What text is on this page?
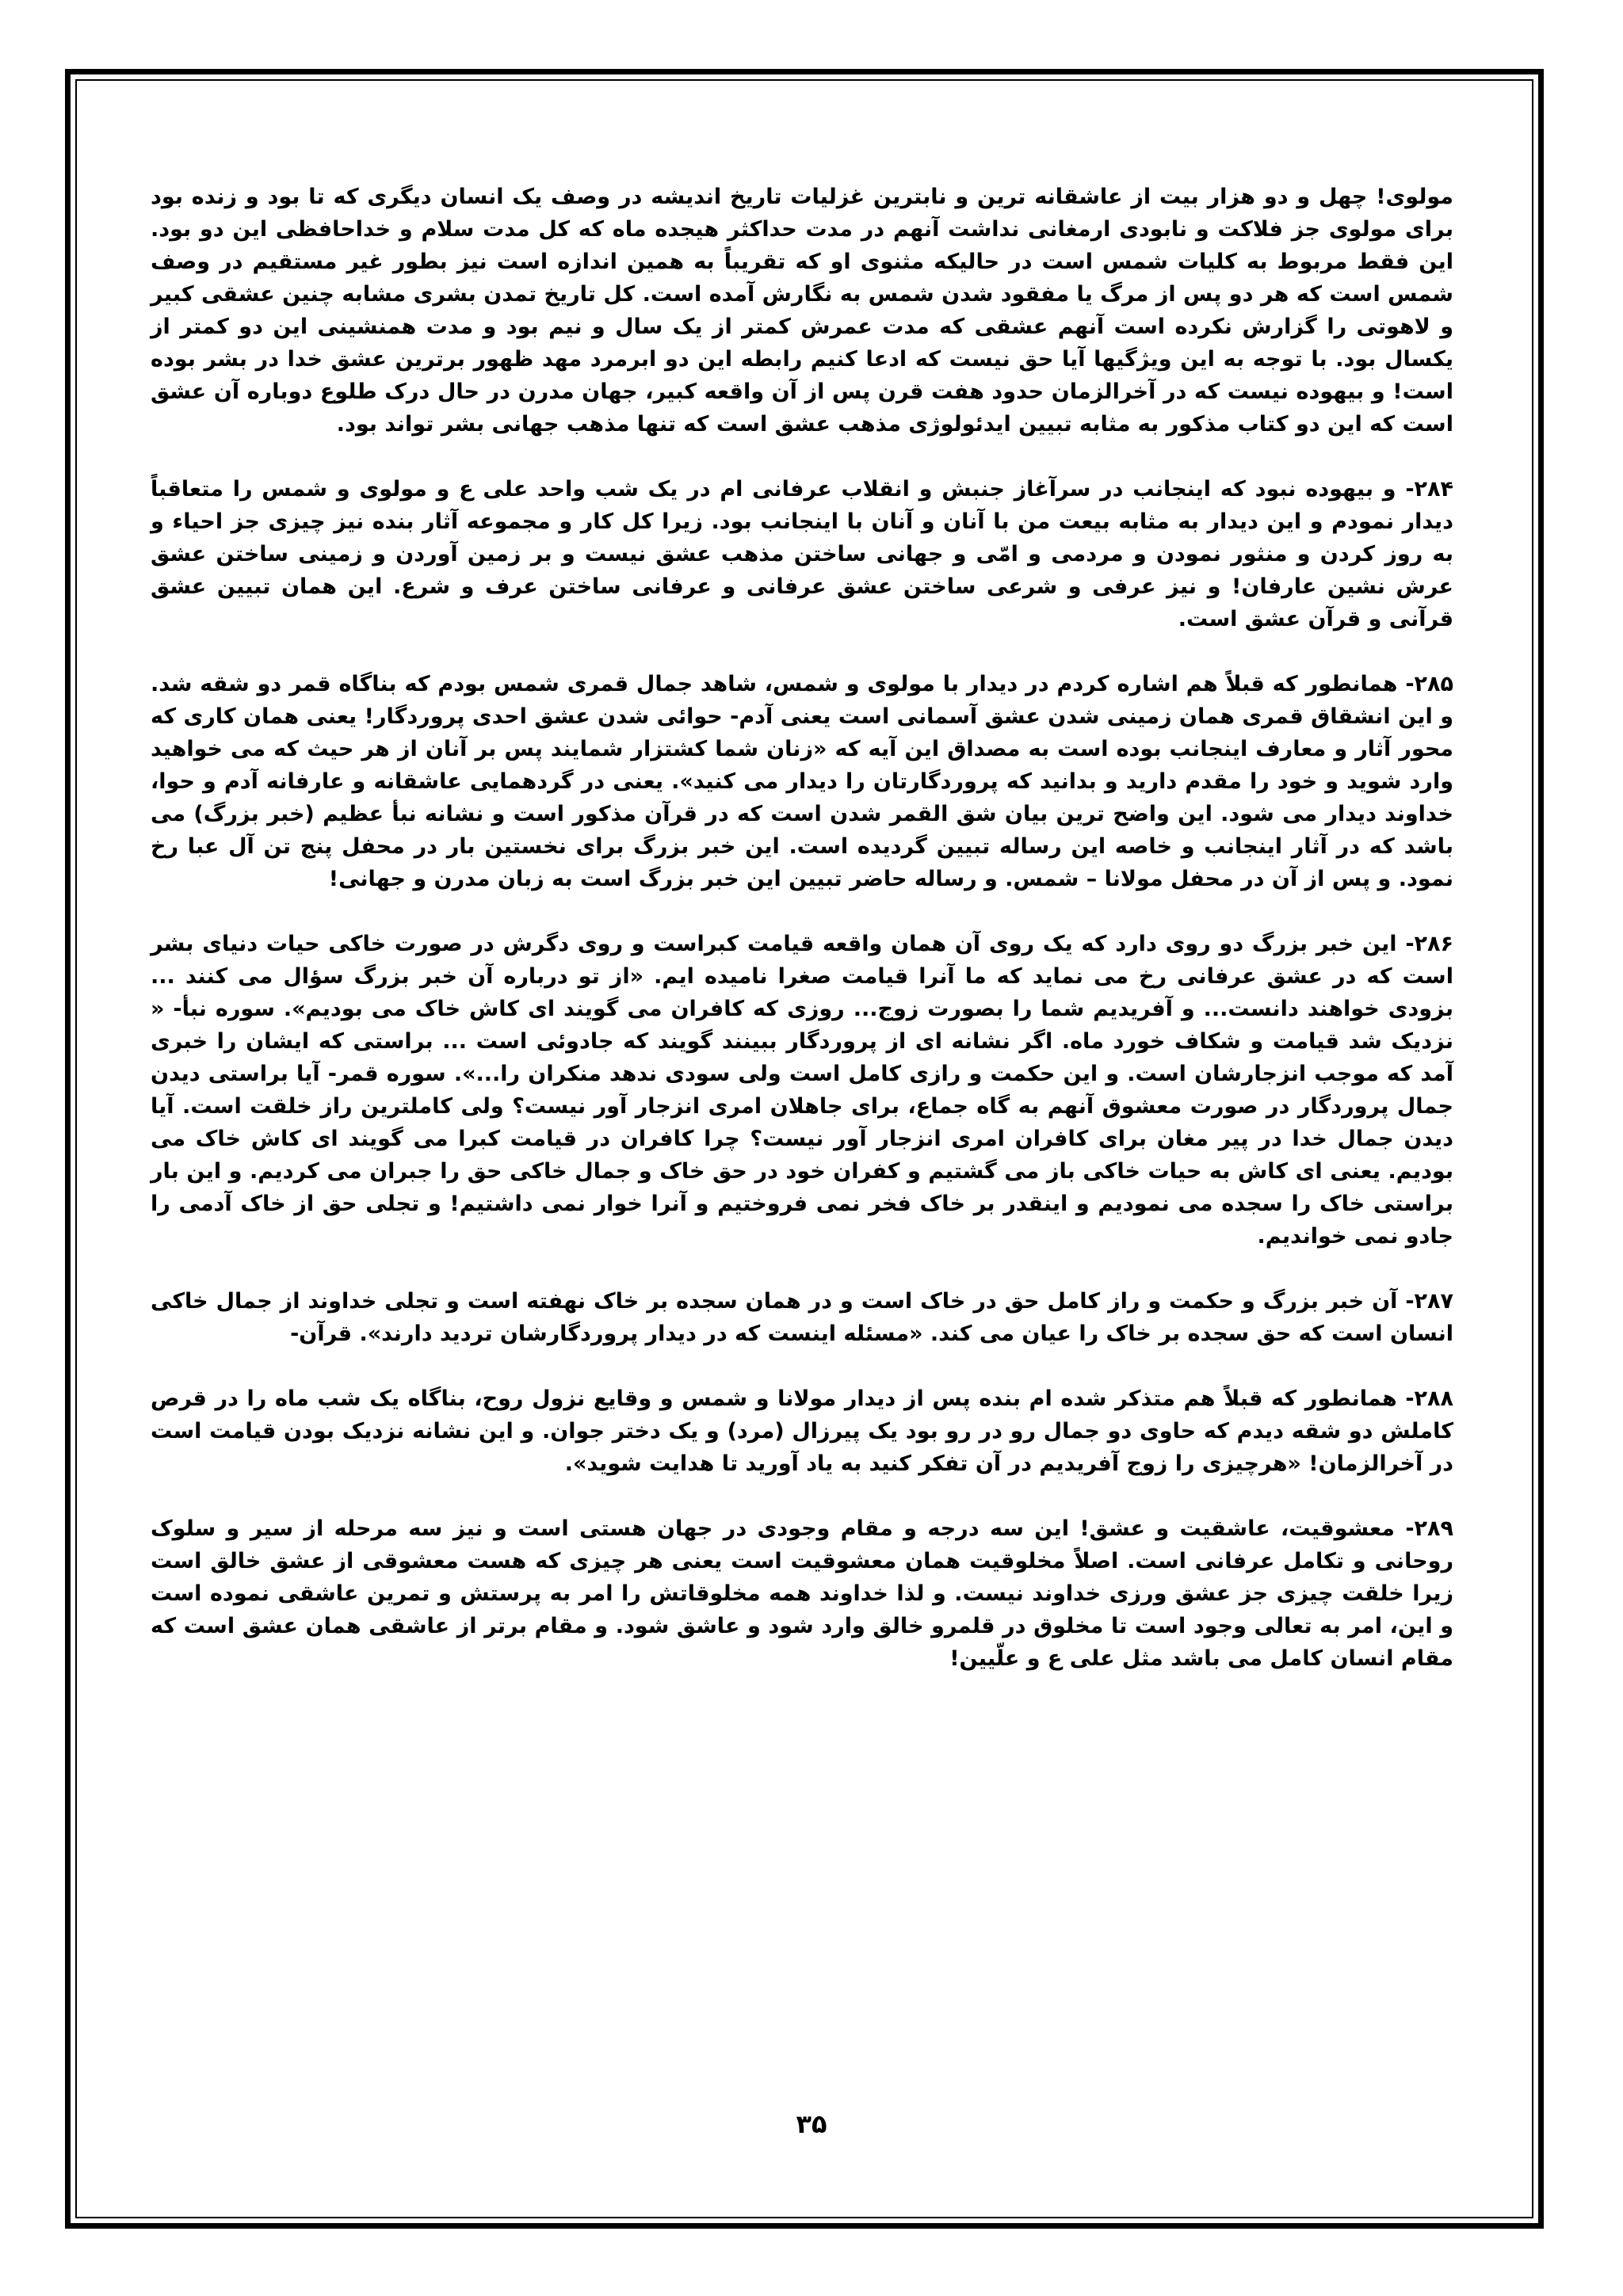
مولوی! چهل و دو هزار بیت از عاشقانه ترین و نابترین غزلیات تاریخ اندیشه در وصف یک انسان دیگری که تا بود و زنده بود برای مولوی جز فلاکت و نابودی ارمغانی نداشت آنهم در مدت حداکثر هیجده ماه که کل مدت سلام و خداحافظی این دو بود. این فقط مربوط به کلیات شمس است در حالیکه مثنوی او که تقریباً به همین اندازه است نیز بطور غیر مستقیم در وصف شمس است که هر دو پس از مرگ یا مفقود شدن شمس به نگارش آمده است. کل تاریخ تمدن بشری مشابه چنین عشقی کبیر و لاهوتی را گزارش نکرده است آنهم عشقی که مدت عمرش کمتر از یک سال و نیم بود و مدت همنشینی این دو کمتر از یکسال بود. با توجه به این ویژگیها آیا حق نیست که ادعا کنیم رابطه این دو ابرمرد مهد ظهور برترین عشق خدا در بشر بوده است! و بیهوده نیست که در آخرالزمان حدود هفت قرن پس از آن واقعه کبیر، جهان مدرن در حال درک طلوع دوباره آن عشق است که این دو کتاب مذکور به مثابه تبیین ایدئولوژی مذهب عشق است که تنها مذهب جهانی بشر تواند بود.

۲۸۴- و بیهوده نبود که اینجانب در سرآغاز جنبش و انقلاب عرفانی ام در یک شب واحد علی ع و مولوی و شمس را متعاقباً دیدار نمودم و این دیدار به مثابه بیعت من با آنان و آنان با اینجانب بود. زیرا کل کار و مجموعه آثار بنده نیز چیزی جز احیاء و به روز کردن و منثور نمودن و مردمی و امّی و جهانی ساختن مذهب عشق نیست و بر زمین آوردن و زمینی ساختن عشق عرش نشین عارفان! و نیز عرفی و شرعی ساختن عشق عرفانی و عرفانی ساختن عرف و شرع. این همان تبیین عشق قرآنی و قرآن عشق است.

۲۸۵- همانطور که قبلاً هم اشاره کردم در دیدار با مولوی و شمس، شاهد جمال قمری شمس بودم که بناگاه قمر دو شقه شد. و این انشقاق قمری همان زمینی شدن عشق آسمانی است یعنی آدم- حوائی شدن عشق احدی پروردگار! یعنی همان کاری که محور آثار و معارف اینجانب بوده است به مصداق این آیه که «زنان شما کشتزار شمایند پس بر آنان از هر حیث که می خواهید وارد شوید و خود را مقدم دارید و بدانید که پروردگارتان را دیدار می کنید». یعنی در گردهمایی عاشقانه و عارفانه آدم و حوا، خداوند دیدار می شود. این واضح ترین بیان شق القمر شدن است که در قرآن مذکور است و نشانه نبأ عظیم (خبر بزرگ) می باشد که در آثار اینجانب و خاصه این رساله تبیین گردیده است. این خبر بزرگ برای نخستین بار در محفل پنج تن آل عبا رخ نمود. و پس از آن در محفل مولانا – شمس. و رساله حاضر تبیین این خبر بزرگ است به زبان مدرن و جهانی!

۲۸۶- این خبر بزرگ دو روی دارد که یک روی آن همان واقعه قیامت کبراست و روی دگرش در صورت خاکی حیات دنیای بشر است که در عشق عرفانی رخ می نماید که ما آنرا قیامت صغرا نامیده ایم. «از تو درباره آن خبر بزرگ سؤال می کنند ... بزودی خواهند دانست... و آفریدیم شما را بصورت زوج... روزی که کافران می گویند ای کاش خاک می بودیم». سوره نبأ- « نزدیک شد قیامت و شکاف خورد ماه. اگر نشانه ای از پروردگار ببینند گویند که جادوئی است ... براستی که ایشان را خبری آمد که موجب انزجارشان است. و این حکمت و رازی کامل است ولی سودی ندهد منکران را...». سوره قمر- آیا براستی دیدن جمال پروردگار در صورت معشوق آنهم به گاه جماع، برای جاهلان امری انزجار آور نیست؟ ولی کاملترین راز خلقت است. آیا دیدن جمال خدا در پیر مغان برای کافران امری انزجار آور نیست؟ چرا کافران در قیامت کبرا می گویند ای کاش خاک می بودیم. یعنی ای کاش به حیات خاکی باز می گشتیم و کفران خود در حق خاک و جمال خاکی حق را جبران می کردیم. و این بار براستی خاک را سجده می نمودیم و اینقدر بر خاک فخر نمی فروختیم و آنرا خوار نمی داشتیم! و تجلی حق از خاک آدمی را جادو نمی خواندیم.

۲۸۷- آن خبر بزرگ و حکمت و راز کامل حق در خاک است و در همان سجده بر خاک نهفته است و تجلی خداوند از جمال خاکی انسان است که حق سجده بر خاک را عیان می کند. «مسئله اینست که در دیدار پروردگارشان تردید دارند». قرآن-

۲۸۸- همانطور که قبلاً هم متذکر شده ام بنده پس از دیدار مولانا و شمس و وقایع نزول روح، بناگاه یک شب ماه را در قرص کاملش دو شقه دیدم که حاوی دو جمال رو در رو بود یک پیرزال (مرد) و یک دختر جوان. و این نشانه نزدیک بودن قیامت است در آخرالزمان! «هرچیزی را زوج آفریدیم در آن تفکر کنید به یاد آورید تا هدایت شوید».

۲۸۹- معشوقیت، عاشقیت و عشق! این سه درجه و مقام وجودی در جهان هستی است و نیز سه مرحله از سیر و سلوک روحانی و تکامل عرفانی است. اصلاً مخلوقیت همان معشوقیت است یعنی هر چیزی که هست معشوقی از عشق خالق است زیرا خلقت چیزی جز عشق ورزی خداوند نیست. و لذا خداوند همه مخلوقاتش را امر به پرستش و تمرین عاشقی نموده است و این، امر به تعالی وجود است تا مخلوق در قلمرو خالق وارد شود و عاشق شود. و مقام برتر از عاشقی همان عشق است که مقام انسان کامل می باشد مثل علی ع و علّیین!

۳۵
